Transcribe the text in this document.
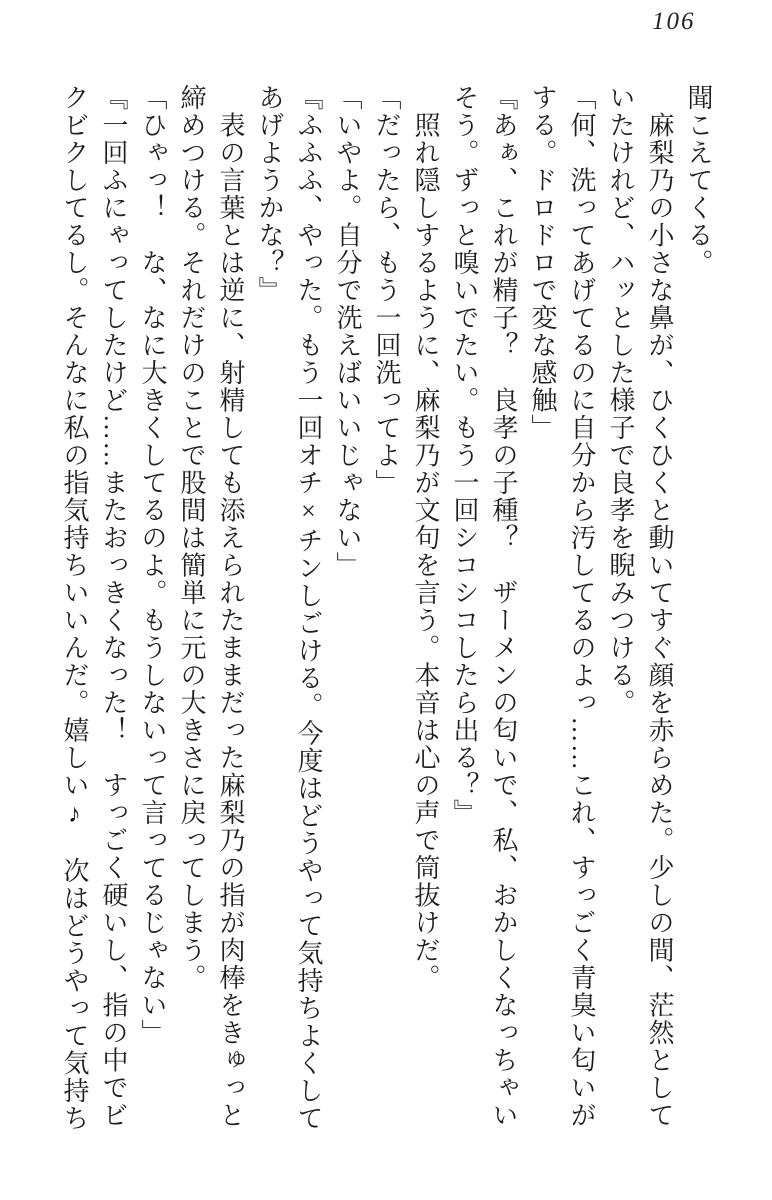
106

聞こえてくる。

　麻梨乃の小さな鼻が、ひくひくと動いてすぐ顔を赤らめた。少しの間、茫然として

いたけれど、ハッとした様子で良孝を睨みつける。

「何、洗ってあげてるのに自分から汚してるのよっ……これ、すっごく青臭い匂いが

する。ドロドロで変な感触」

『あぁ、これが精子？　良孝の子種？　ザーメンの匂いで、私、おかしくなっちゃい

そう。ずっと嗅いでたい。もう一回シコシコしたら出る？』

　照れ隠しするように、麻梨乃が文句を言う。本音は心の声で筒抜けだ。

「だったら、もう一回洗ってよ」

「いやよ。自分で洗えばいいじゃない」

『ふふふ、やった。もう一回オチ×チンしごける。今度はどうやって気持ちよくして

あげようかな？』

　表の言葉とは逆に、射精しても添えられたままだった麻梨乃の指が肉棒をきゅっと

締めつける。それだけのことで股間は簡単に元の大きさに戻ってしまう。

「ひゃっ！　な、なに大きくしてるのよ。もうしないって言ってるじゃない」

『一回ふにゃってしたけど……またおっきくなった！　すっごく硬いし、指の中でビ

クビクしてるし。そんなに私の指気持ちいいんだ。嬉しい♪　次はどうやって気持ち
